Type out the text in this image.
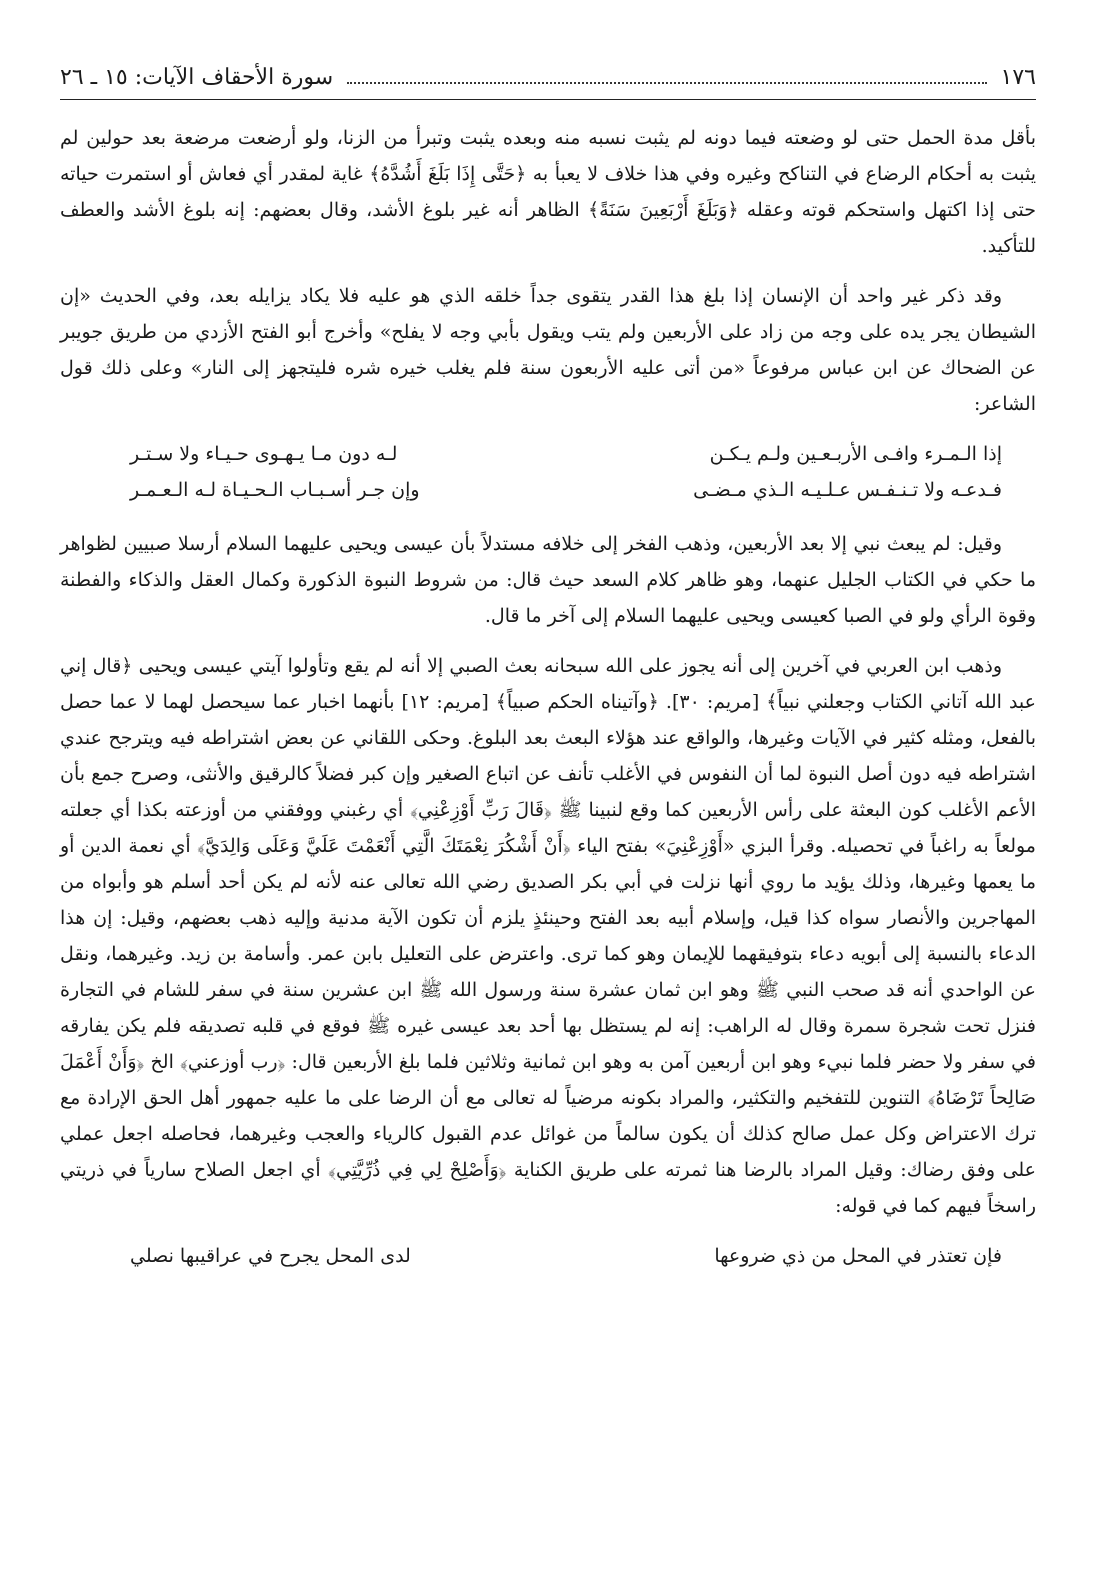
١٧٦
سورة الأحقاف الآيات: ١٥ ـ ٢٦

بأقل مدة الحمل حتى لو وضعته فيما دونه لم يثبت نسبه منه وبعده يثبت وتبرأ من الزنا، ولو أرضعت مرضعة بعد حولين لم يثبت به أحكام الرضاع في التناكح وغيره وفي هذا خلاف لا يعبأ به ﴿حَتَّى إِذَا بَلَغَ أَشُدَّهُ﴾ غاية لمقدر أي فعاش أو استمرت حياته حتى إذا اكتهل واستحكم قوته وعقله ﴿وَبَلَغَ أَرْبَعِينَ سَنَةً﴾ الظاهر أنه غير بلوغ الأشد، وقال بعضهم: إنه بلوغ الأشد والعطف للتأكيد.

وقد ذكر غير واحد أن الإنسان إذا بلغ هذا القدر يتقوى جداً خلقه الذي هو عليه فلا يكاد يزايله بعد، وفي الحديث «إن الشيطان يجر يده على وجه من زاد على الأربعين ولم يتب ويقول بأبي وجه لا يفلح» وأخرج أبو الفتح الأزدي من طريق جويبر عن الضحاك عن ابن عباس مرفوعاً «من أتى عليه الأربعون سنة فلم يغلب خيره شره فليتجهز إلى النار» وعلى ذلك قول الشاعر:

إذا الـمـرء وافـى الأربـعـين ولـم يـكـن
لـه دون مـا يـهـوى حـيـاء ولا سـتـر
فـدعـه ولا تـنـفـس عـلـيـه الـذي مـضـى
وإن جـر أسـبـاب الـحـيـاة لـه الـعـمـر

وقيل: لم يبعث نبي إلا بعد الأربعين، وذهب الفخر إلى خلافه مستدلاً بأن عيسى ويحيى عليهما السلام أرسلا صبيين لظواهر ما حكي في الكتاب الجليل عنهما، وهو ظاهر كلام السعد حيث قال: من شروط النبوة الذكورة وكمال العقل والذكاء والفطنة وقوة الرأي ولو في الصبا كعيسى ويحيى عليهما السلام إلى آخر ما قال.

وذهب ابن العربي في آخرين إلى أنه يجوز على الله سبحانه بعث الصبي إلا أنه لم يقع وتأولوا آيتي عيسى ويحيى ﴿قال إني عبد الله آتاني الكتاب وجعلني نبياً﴾ [مريم: ٣٠]. ﴿وآتيناه الحكم صبياً﴾ [مريم: ١٢] بأنهما اخبار عما سيحصل لهما لا عما حصل بالفعل، ومثله كثير في الآيات وغيرها، والواقع عند هؤلاء البعث بعد البلوغ. وحكى اللقاني عن بعض اشتراطه فيه ويترجح عندي اشتراطه فيه دون أصل النبوة لما أن النفوس في الأغلب تأنف عن اتباع الصغير وإن كبر فضلاً كالرقيق والأنثى، وصرح جمع بأن الأعم الأغلب كون البعثة على رأس الأربعين كما وقع لنبينا ﷺ ﴿قَالَ رَبِّ أَوْزِعْنِي﴾ أي رغبني ووفقني من أوزعته بكذا أي جعلته مولعاً به راغباً في تحصيله. وقرأ البزي «أَوْزِعْنِيَ» بفتح الياء ﴿أَنْ أَشْكُرَ نِعْمَتَكَ الَّتِي أَنْعَمْتَ عَلَيَّ وَعَلَى وَالِدَيَّ﴾ أي نعمة الدين أو ما يعمها وغيرها، وذلك يؤيد ما روي أنها نزلت في أبي بكر الصديق رضي الله تعالى عنه لأنه لم يكن أحد أسلم هو وأبواه من المهاجرين والأنصار سواه كذا قيل، وإسلام أبيه بعد الفتح وحينئذٍ يلزم أن تكون الآية مدنية وإليه ذهب بعضهم، وقيل: إن هذا الدعاء بالنسبة إلى أبويه دعاء بتوفيقهما للإيمان وهو كما ترى. واعترض على التعليل بابن عمر. وأسامة بن زيد. وغيرهما، ونقل عن الواحدي أنه قد صحب النبي ﷺ وهو ابن ثمان عشرة سنة ورسول الله ﷺ ابن عشرين سنة في سفر للشام في التجارة فنزل تحت شجرة سمرة وقال له الراهب: إنه لم يستظل بها أحد بعد عيسى غيره ﷺ فوقع في قلبه تصديقه فلم يكن يفارقه في سفر ولا حضر فلما نبيء وهو ابن أربعين آمن به وهو ابن ثمانية وثلاثين فلما بلغ الأربعين قال: ﴿رب أوزعني﴾ الخ ﴿وَأَنْ أَعْمَلَ صَالِحاً تَرْضَاهُ﴾ التنوين للتفخيم والتكثير، والمراد بكونه مرضياً له تعالى مع أن الرضا على ما عليه جمهور أهل الحق الإرادة مع ترك الاعتراض وكل عمل صالح كذلك أن يكون سالماً من غوائل عدم القبول كالرياء والعجب وغيرهما، فحاصله اجعل عملي على وفق رضاك: وقيل المراد بالرضا هنا ثمرته على طريق الكناية ﴿وَأَصْلِحْ لِي فِي ذُرِّيَّتِي﴾ أي اجعل الصلاح سارياً في ذريتي راسخاً فيهم كما في قوله:

فإن تعتذر في المحل من ذي ضروعها
لدى المحل يجرح في عراقيبها نصلي
